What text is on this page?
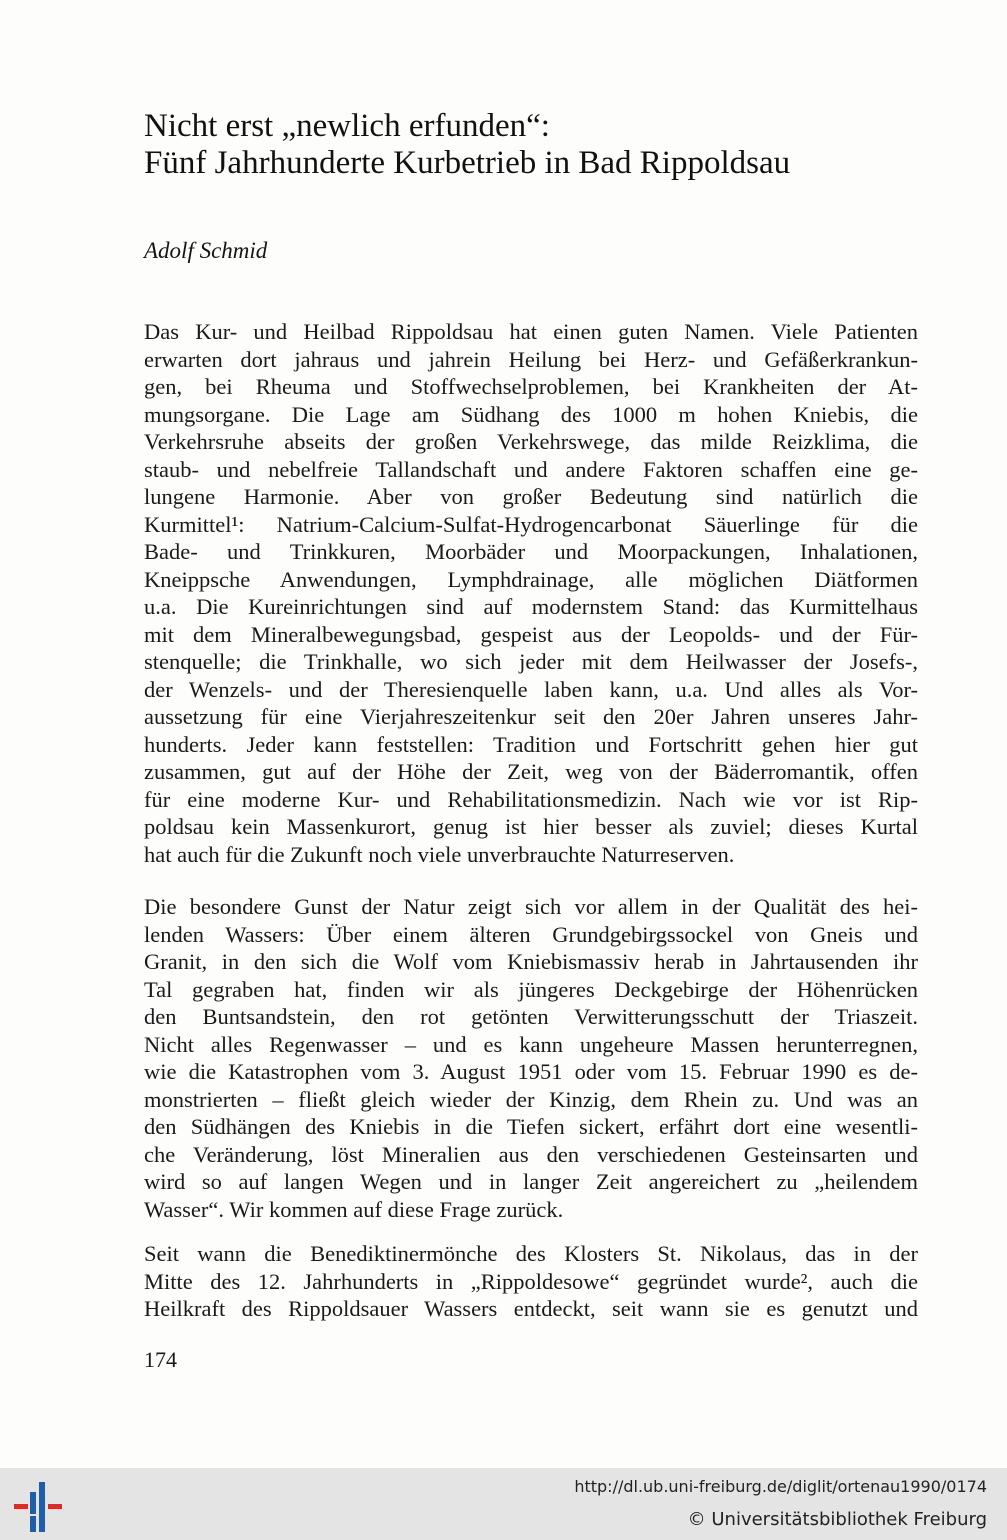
Nicht erst „newlich erfunden“:
Fünf Jahrhunderte Kurbetrieb in Bad Rippoldsau
Adolf Schmid
Das Kur- und Heilbad Rippoldsau hat einen guten Namen. Viele Patienten
erwarten dort jahraus und jahrein Heilung bei Herz- und Gefäßerkrankun-
gen, bei Rheuma und Stoffwechselproblemen, bei Krankheiten der At-
mungsorgane. Die Lage am Südhang des 1000 m hohen Kniebis, die
Verkehrsruhe abseits der großen Verkehrswege, das milde Reizklima, die
staub- und nebelfreie Tallandschaft und andere Faktoren schaffen eine ge-
lungene Harmonie. Aber von großer Bedeutung sind natürlich die
Kurmittel¹: Natrium-Calcium-Sulfat-Hydrogencarbonat Säuerlinge für die
Bade- und Trinkkuren, Moorbäder und Moorpackungen, Inhalationen,
Kneippsche Anwendungen, Lymphdrainage, alle möglichen Diätformen
u.a. Die Kureinrichtungen sind auf modernstem Stand: das Kurmittelhaus
mit dem Mineralbewegungsbad, gespeist aus der Leopolds- und der Für-
stenquelle; die Trinkhalle, wo sich jeder mit dem Heilwasser der Josefs-,
der Wenzels- und der Theresienquelle laben kann, u.a. Und alles als Vor-
aussetzung für eine Vierjahreszeitenkur seit den 20er Jahren unseres Jahr-
hunderts. Jeder kann feststellen: Tradition und Fortschritt gehen hier gut
zusammen, gut auf der Höhe der Zeit, weg von der Bäderromantik, offen
für eine moderne Kur- und Rehabilitationsmedizin. Nach wie vor ist Rip-
poldsau kein Massenkurort, genug ist hier besser als zuviel; dieses Kurtal
hat auch für die Zukunft noch viele unverbrauchte Naturreserven.
Die besondere Gunst der Natur zeigt sich vor allem in der Qualität des hei-
lenden Wassers: Über einem älteren Grundgebirgssockel von Gneis und
Granit, in den sich die Wolf vom Kniebismassiv herab in Jahrtausenden ihr
Tal gegraben hat, finden wir als jüngeres Deckgebirge der Höhenrücken
den Buntsandstein, den rot getönten Verwitterungsschutt der Triaszeit.
Nicht alles Regenwasser – und es kann ungeheure Massen herunterregnen,
wie die Katastrophen vom 3. August 1951 oder vom 15. Februar 1990 es de-
monstrierten – fließt gleich wieder der Kinzig, dem Rhein zu. Und was an
den Südhängen des Kniebis in die Tiefen sickert, erfährt dort eine wesentli-
che Veränderung, löst Mineralien aus den verschiedenen Gesteinsarten und
wird so auf langen Wegen und in langer Zeit angereichert zu „heilendem
Wasser“. Wir kommen auf diese Frage zurück.
Seit wann die Benediktinermönche des Klosters St. Nikolaus, das in der
Mitte des 12. Jahrhunderts in „Rippoldesowe“ gegründet wurde², auch die
Heilkraft des Rippoldsauer Wassers entdeckt, seit wann sie es genutzt und
174
http://dl.ub.uni-freiburg.de/diglit/ortenau1990/0174
© Universitätsbibliothek Freiburg
